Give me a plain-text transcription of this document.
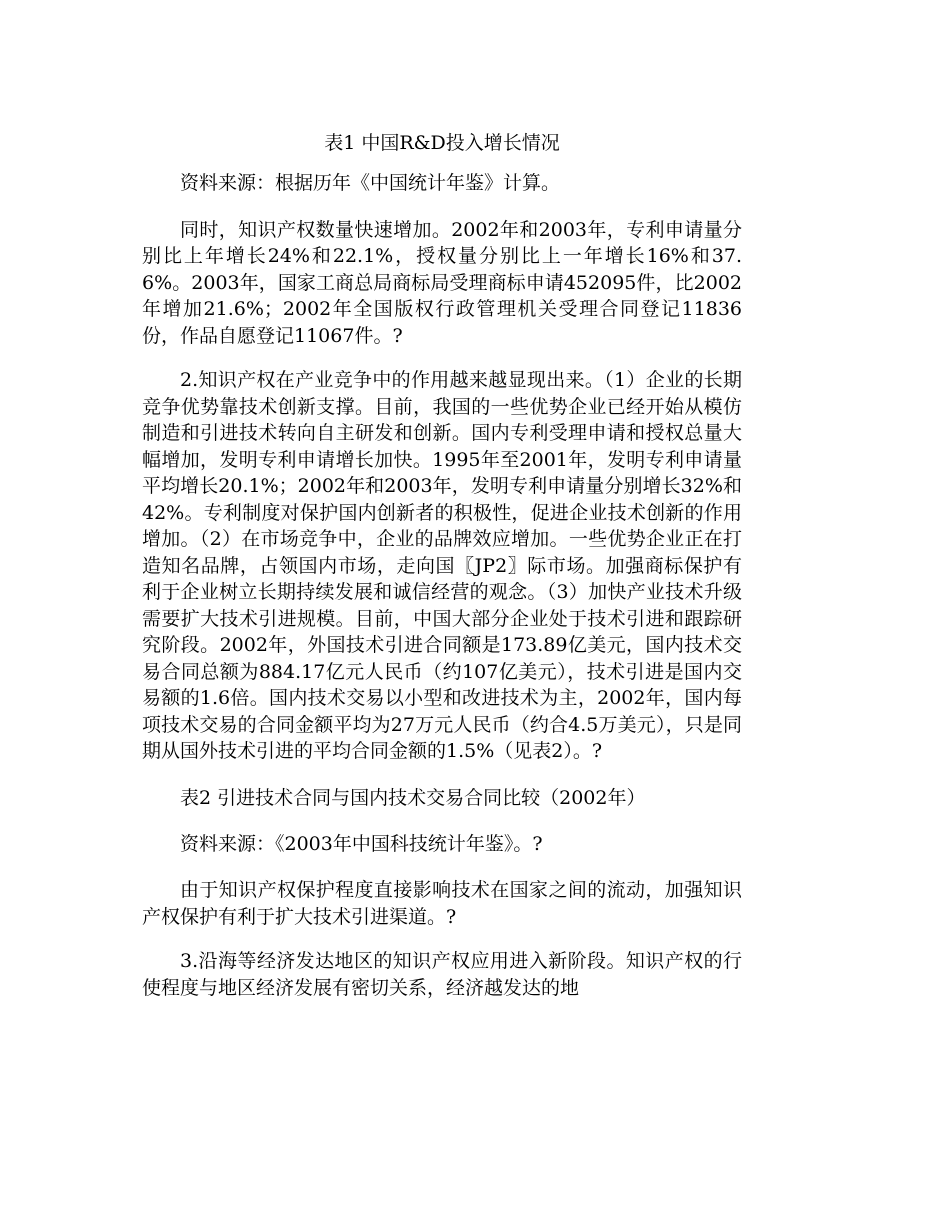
表1 中国R&D投入增长情况

资料来源：根据历年《中国统计年鉴》计算。

同时，知识产权数量快速增加。2002年和2003年，专利申请量分别比上年增长24%和22.1%，授权量分别比上一年增长16%和37.6%。2003年，国家工商总局商标局受理商标申请452095件，比2002年增加21.6%；2002年全国版权行政管理机关受理合同登记11836份，作品自愿登记11067件。?

2.知识产权在产业竞争中的作用越来越显现出来。（1）企业的长期竞争优势靠技术创新支撑。目前，我国的一些优势企业已经开始从模仿制造和引进技术转向自主研发和创新。国内专利受理申请和授权总量大幅增加，发明专利申请增长加快。1995年至2001年，发明专利申请量平均增长20.1%；2002年和2003年，发明专利申请量分别增长32%和42%。专利制度对保护国内创新者的积极性，促进企业技术创新的作用增加。（2）在市场竞争中，企业的品牌效应增加。一些优势企业正在打造知名品牌，占领国内市场，走向国〖JP2〗际市场。加强商标保护有利于企业树立长期持续发展和诚信经营的观念。（3）加快产业技术升级需要扩大技术引进规模。目前，中国大部分企业处于技术引进和跟踪研究阶段。2002年，外国技术引进合同额是173.89亿美元，国内技术交易合同总额为884.17亿元人民币（约107亿美元），技术引进是国内交易额的1.6倍。国内技术交易以小型和改进技术为主，2002年，国内每项技术交易的合同金额平均为27万元人民币（约合4.5万美元），只是同期从国外技术引进的平均合同金额的1.5%（见表2）。?

表2 引进技术合同与国内技术交易合同比较（2002年）

资料来源：《2003年中国科技统计年鉴》。?

由于知识产权保护程度直接影响技术在国家之间的流动，加强知识产权保护有利于扩大技术引进渠道。?

3.沿海等经济发达地区的知识产权应用进入新阶段。知识产权的行使程度与地区经济发展有密切关系，经济越发达的地
